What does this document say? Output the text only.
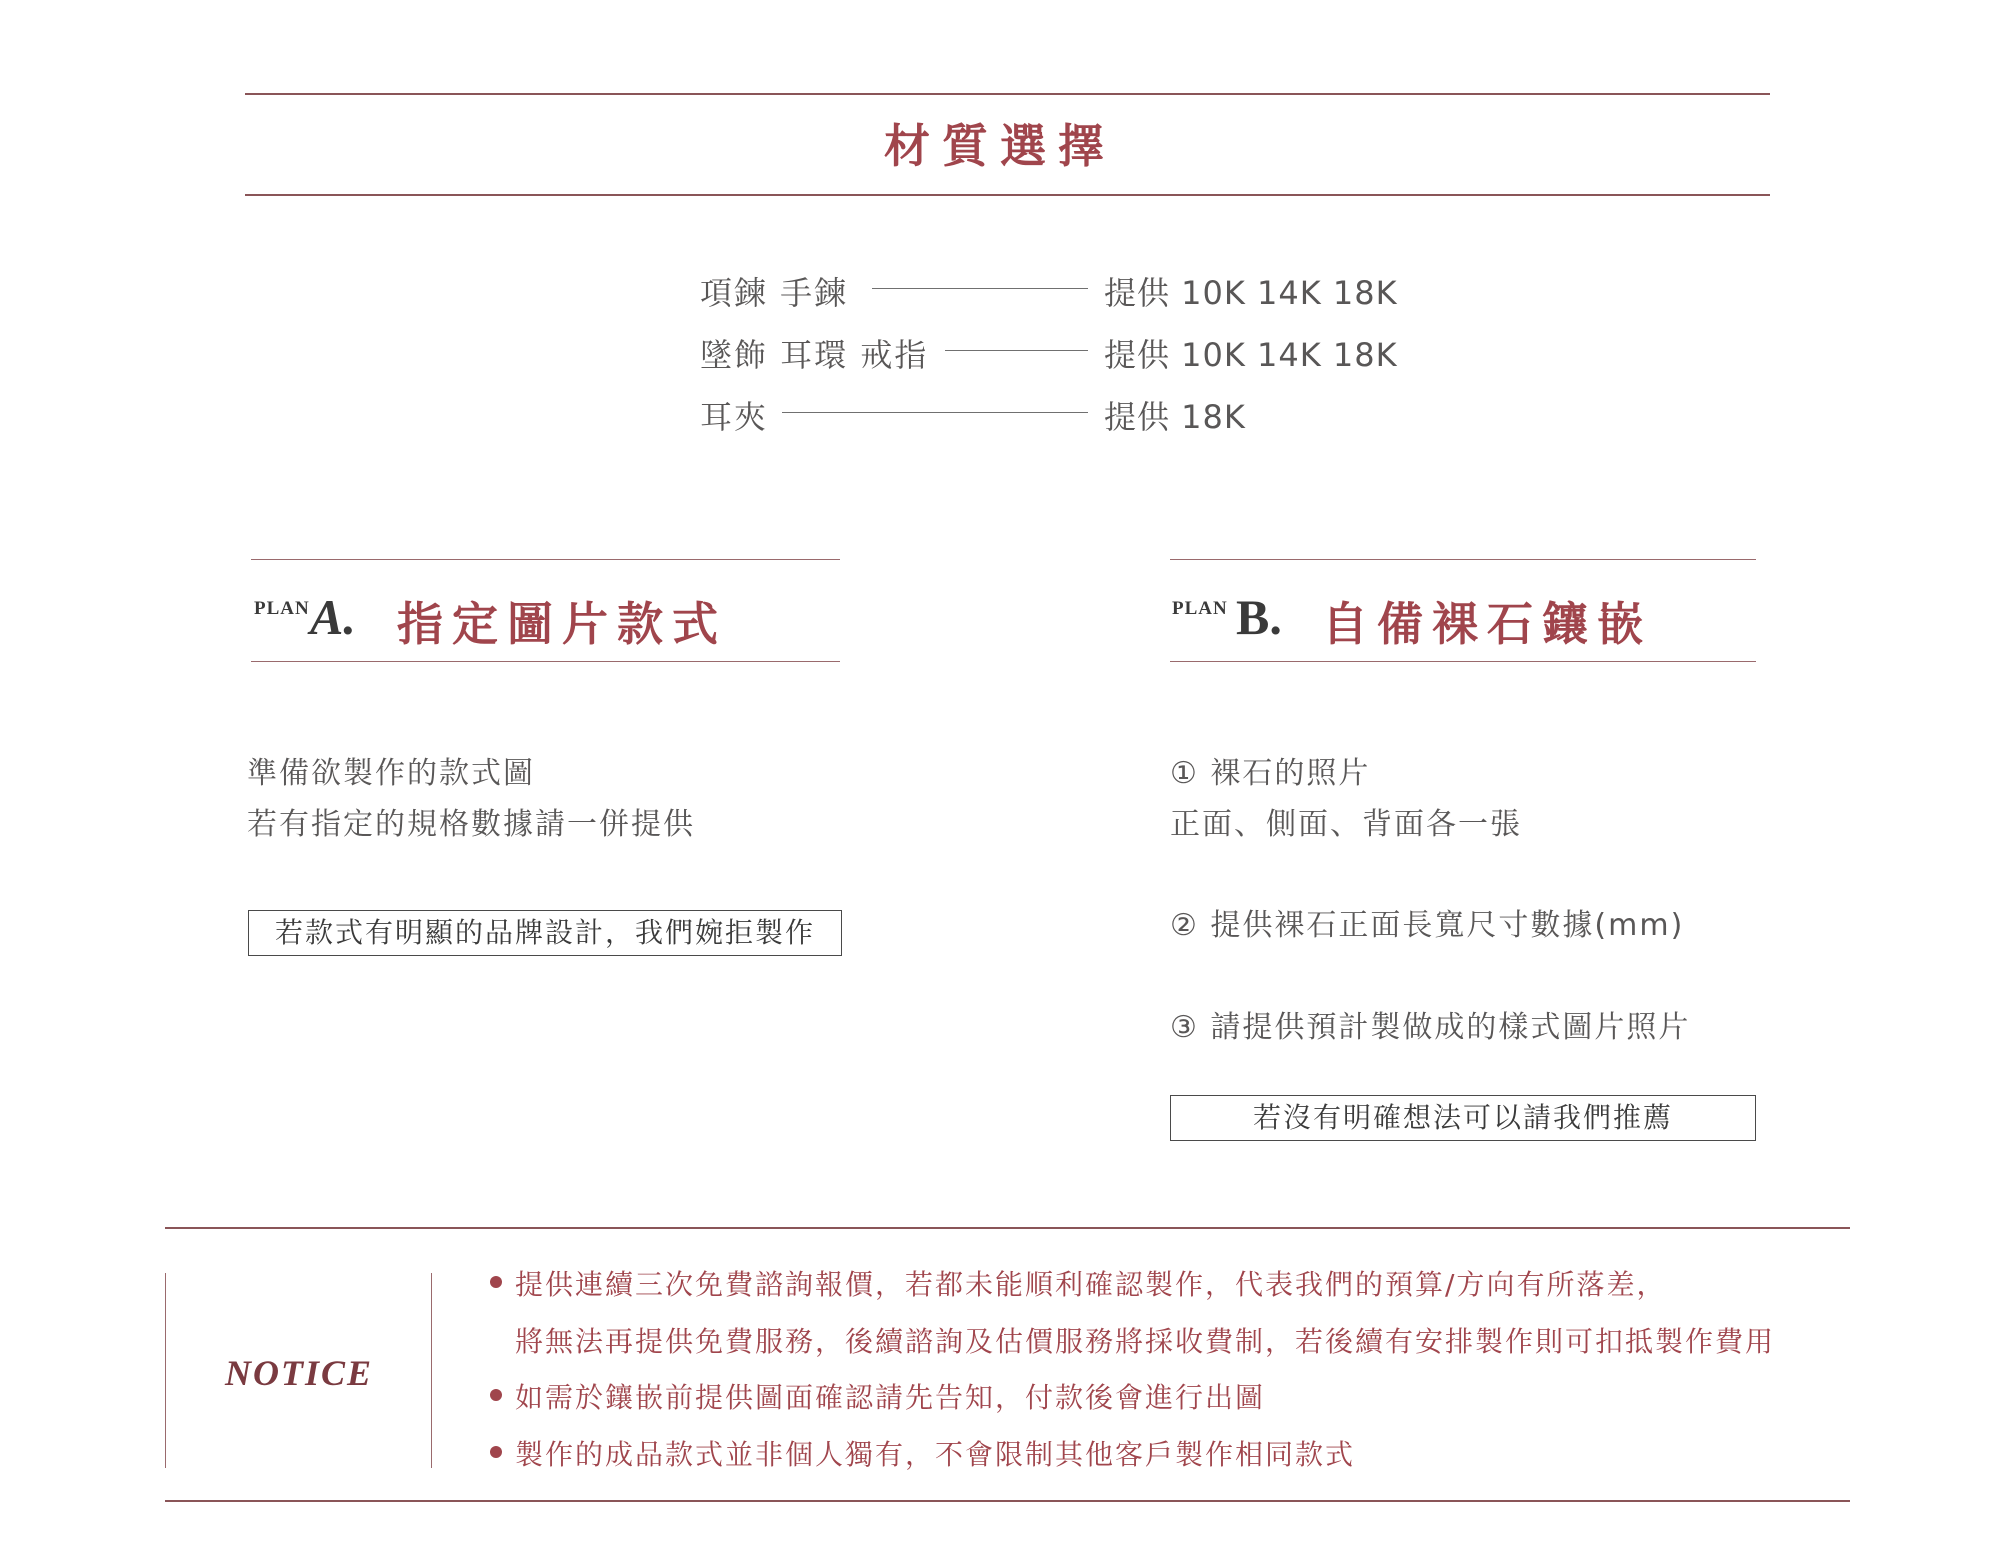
材質選擇
項鍊 手鍊	提供 10K 14K 18K
墜飾 耳環 戒指	提供 10K 14K 18K
耳夾	提供 18K
PLAN A. 指定圖片款式
準備欲製作的款式圖
若有指定的規格數據請一併提供
若款式有明顯的品牌設計，我們婉拒製作
PLAN B. 自備裸石鑲嵌
① 裸石的照片
正面、側面、背面各一張
② 提供裸石正面長寬尺寸數據(mm)
③ 請提供預計製做成的樣式圖片照片
若沒有明確想法可以請我們推薦
NOTICE
提供連續三次免費諮詢報價，若都未能順利確認製作，代表我們的預算/方向有所落差，
將無法再提供免費服務，後續諮詢及估價服務將採收費制，若後續有安排製作則可扣抵製作費用
如需於鑲嵌前提供圖面確認請先告知，付款後會進行出圖
製作的成品款式並非個人獨有，不會限制其他客戶製作相同款式
